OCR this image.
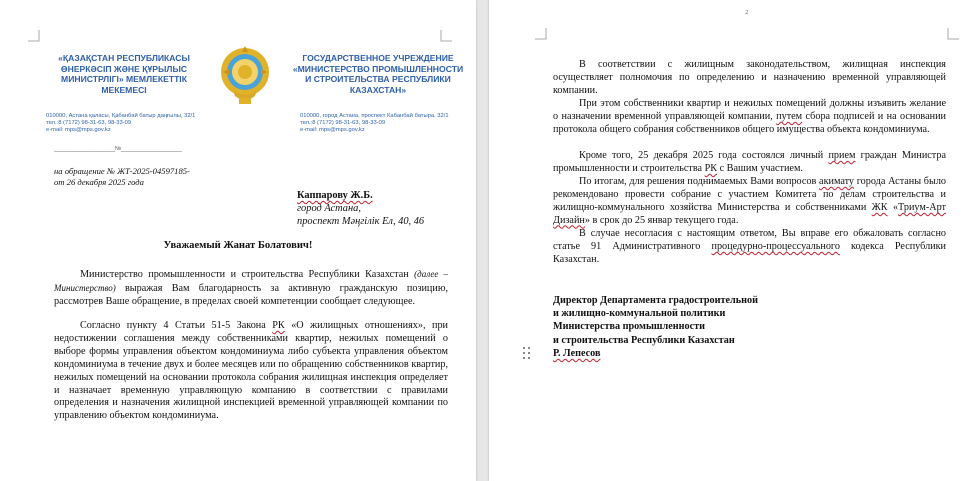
«ҚАЗАҚСТАН РЕСПУБЛИКАСЫ ӨНЕРКӘСІП ЖӘНЕ ҚҰРЫЛЫС МИНИСТРЛІГІ» МЕМЛЕКЕТТІК МЕКЕМЕСІ
ГОСУДАРСТВЕННОЕ УЧРЕЖДЕНИЕ «МИНИСТЕРСТВО ПРОМЫШЛЕННОСТИ И СТРОИТЕЛЬСТВА РЕСПУБЛИКИ КАЗАХСТАН»
010000, Астана қаласы, Қабанбай батыр даңғылы, 32/1
тел.:8 (7172) 98-31-63, 98-33-09
e-mail: mps@mps.gov.kz
010000, город Астана, проспект Кабанбай батыра, 32/1
тел.:8 (7172) 98-31-63, 98-33-09
e-mail: mps@mps.gov.kz
____________________№____________________
на обращение № ЖТ-2025-04597185-
от 26 декабря 2025 года
Каппарову Ж.Б.
город Астана,
проспект Мәңгілік Ел, 40, 46
Уважаемый Жанат Болатович!
Министерство промышленности и строительства Республики Казахстан (далее – Министерство) выражая Вам благодарность за активную гражданскую позицию, рассмотрев Ваше обращение, в пределах своей компетенции сообщает следующее.
Согласно пункту 4 Статьи 51-5 Закона РК «О жилищных отношениях», при недостижении соглашения между собственниками квартир, нежилых помещений о выборе формы управления объектом кондоминиума либо субъекта управления объектом кондоминиума в течение двух и более месяцев или по обращению собственников квартир, нежилых помещений на основании протокола собрания жилищная инспекция определяет и назначает временную управляющую компанию в соответствии с правилами определения и назначения жилищной инспекцией временной управляющей компании по управлению объектом кондоминиума.
2
В соответствии с жилищным законодательством, жилищная инспекция осуществляет полномочия по определению и назначению временной управляющей компании.
При этом собственники квартир и нежилых помещений должны изъявить желание о назначении временной управляющей компании, путем сбора подписей и на основании протокола общего собрания собственников общего имущества объекта кондоминиума.
Кроме того, 25 декабря 2025 года состоялся личный прием граждан Министра промышленности и строительства РК с Вашим участием.
По итогам, для решения поднимаемых Вами вопросов акимату города Астаны было рекомендовано провести собрание с участием Комитета по делам строительства и жилищно-коммунального хозяйства Министерства и собственниками ЖК «Триум-Арт Дизайн» в срок до 25 январ текущего года.
В случае несогласия с настоящим ответом, Вы вправе его обжаловать согласно статье 91 Административного процедурно-процессуального кодекса Республики Казахстан.
Директор Департамента градостроительной
и жилищно-коммунальной политики
Министерства промышленности
и строительства Республики Казахстан
Р. Лепесов
